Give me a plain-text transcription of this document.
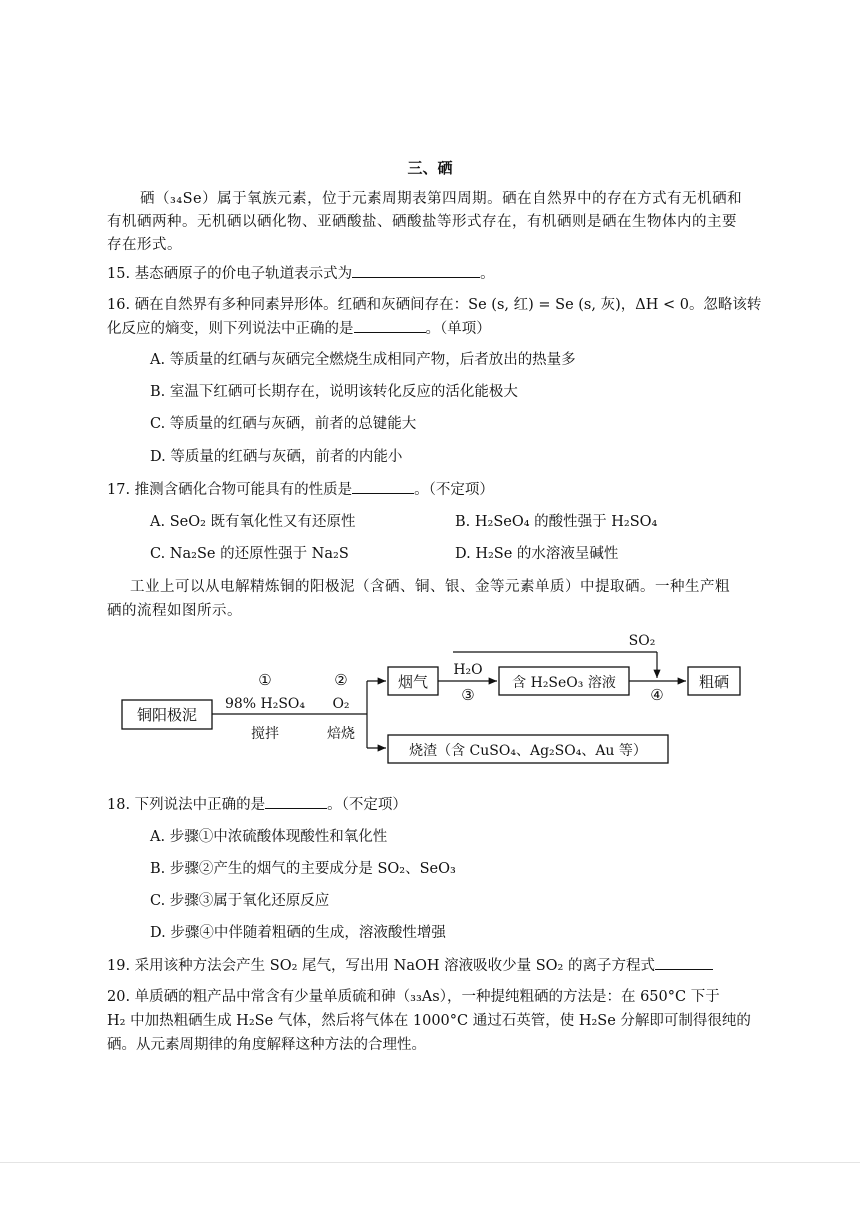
三、硒
硒（₃₄Se）属于氧族元素，位于元素周期表第四周期。硒在自然界中的存在方式有无机硒和
有机硒两种。无机硒以硒化物、亚硒酸盐、硒酸盐等形式存在，有机硒则是硒在生物体内的主要
存在形式。
15. 基态硒原子的价电子轨道表示式为	。
16. 硒在自然界有多种同素异形体。红硒和灰硒间存在：Se (s, 红) = Se (s, 灰)，ΔH < 0。忽略该转
化反应的熵变，则下列说法中正确的是	。（单项）
A. 等质量的红硒与灰硒完全燃烧生成相同产物，后者放出的热量多
B. 室温下红硒可长期存在，说明该转化反应的活化能极大
C. 等质量的红硒与灰硒，前者的总键能大
D. 等质量的红硒与灰硒，前者的内能小
17. 推测含硒化合物可能具有的性质是	。（不定项）
A. SeO₂ 既有氧化性又有还原性	B. H₂SeO₄ 的酸性强于 H₂SO₄
C. Na₂Se 的还原性强于 Na₂S	D. H₂Se 的水溶液呈碱性
工业上可以从电解精炼铜的阳极泥（含硒、铜、银、金等元素单质）中提取硒。一种生产粗
硒的流程如图所示。
铜阳极泥
①
98% H₂SO₄
搅拌
②
O₂
焙烧
烟气
H₂O
③
含 H₂SeO₃ 溶液
SO₂
④
粗硒
烧渣（含 CuSO₄、Ag₂SO₄、Au 等）
18. 下列说法中正确的是	。（不定项）
A. 步骤①中浓硫酸体现酸性和氧化性
B. 步骤②产生的烟气的主要成分是 SO₂、SeO₃
C. 步骤③属于氧化还原反应
D. 步骤④中伴随着粗硒的生成，溶液酸性增强
19. 采用该种方法会产生 SO₂ 尾气，写出用 NaOH 溶液吸收少量 SO₂ 的离子方程式
20. 单质硒的粗产品中常含有少量单质硫和砷（₃₃As），一种提纯粗硒的方法是：在 650°C 下于
H₂ 中加热粗硒生成 H₂Se 气体，然后将气体在 1000°C 通过石英管，使 H₂Se 分解即可制得很纯的
硒。从元素周期律的角度解释这种方法的合理性。
